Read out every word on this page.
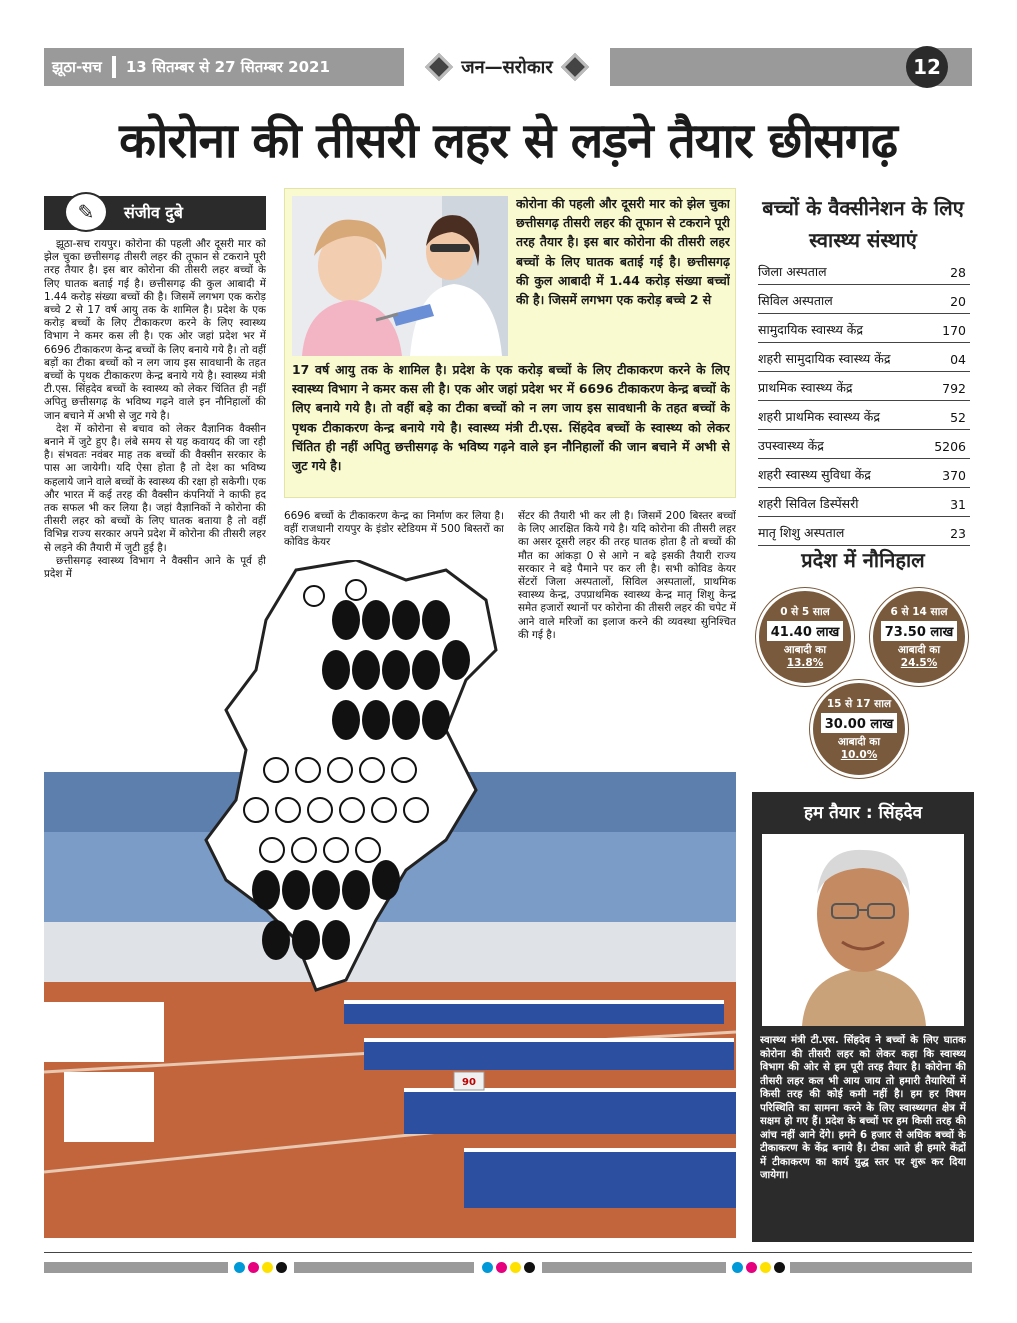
झूठा-सच 13 सितम्बर से 27 सितम्बर 2021	जन—सरोकार	12
कोरोना की तीसरी लहर से लड़ने तैयार छीसगढ़
✎	संजीव दुबे

झूठा-सच रायपुर। कोरोना की पहली और दूसरी मार को झेल चुका छत्तीसगढ़ तीसरी लहर की तूफान से टकराने पूरी तरह तैयार है। इस बार कोरोना की तीसरी लहर बच्चों के लिए घातक बताई गई है। छत्तीसगढ़ की कुल आबादी में 1.44 करोड़ संख्या बच्चों की है। जिसमें लगभग एक करोड़ बच्चे 2 से 17 वर्ष आयु तक के शामिल है। प्रदेश के एक करोड़ बच्चों के लिए टीकाकरण करने के लिए स्वास्थ्य विभाग ने कमर कस ली है। एक ओर जहां प्रदेश भर में 6696 टीकाकरण केन्द्र बच्चों के लिए बनाये गये है। तो वहीं बड़ों का टीका बच्चों को न लग जाय इस सावधानी के तहत बच्चों के पृथक टीकाकरण केन्द्र बनाये गये है। स्वास्थ्य मंत्री टी.एस. सिंहदेव बच्चों के स्वास्थ्य को लेकर चिंतित ही नहीं अपितु छत्तीसगढ़ के भविष्य गढ़ने वाले इन नौनिहालों की जान बचाने में अभी से जुट गये है।

देश में कोरोना से बचाव को लेकर वैज्ञानिक वैक्सीन बनाने में जुटे हुए है। लंबे समय से यह कवायद की जा रही है। संभवतः नवंबर माह तक बच्चों की वैक्सीन सरकार के पास आ जायेगी। यदि ऐसा होता है तो देश का भविष्य कहलाये जाने वाले बच्चों के स्वास्थ्य की रक्षा हो सकेगी। एक और भारत में कई तरह की वैक्सीन कंपनियों ने काफी हद तक सफल भी कर लिया है। जहां वैज्ञानिकों ने कोरोना की तीसरी लहर को बच्चों के लिए घातक बताया है तो वहीं विभिन्न राज्य सरकार अपने प्रदेश में कोरोना की तीसरी लहर से लड़ने की तैयारी में जुटी हुई है।

छत्तीसगढ़ स्वास्थ्य विभाग ने वैक्सीन आने के पूर्व ही प्रदेश में

कोरोना की पहली और दूसरी मार को झेल चुका छत्तीसगढ़ तीसरी लहर की तूफान से टकराने पूरी तरह तैयार है। इस बार कोरोना की तीसरी लहर बच्चों के लिए घातक बताई गई है। छत्तीसगढ़ की कुल आबादी में 1.44 करोड़ संख्या बच्चों की है। जिसमें लगभग एक करोड़ बच्चे 2 से
17 वर्ष आयु तक के शामिल है। प्रदेश के एक करोड़ बच्चों के लिए टीकाकरण करने के लिए स्वास्थ्य विभाग ने कमर कस ली है। एक ओर जहां प्रदेश भर में 6696 टीकाकरण केन्द्र बच्चों के लिए बनाये गये है। तो वहीं बड़े का टीका बच्चों को न लग जाय इस सावधानी के तहत बच्चों के पृथक टीकाकरण केन्द्र बनाये गये है। स्वास्थ्य मंत्री टी.एस. सिंहदेव बच्चों के स्वास्थ्य को लेकर चिंतित ही नहीं अपितु छत्तीसगढ़ के भविष्य गढ़ने वाले इन नौनिहालों की जान बचाने में अभी से जुट गये है।
6696 बच्चों के टीकाकरण केन्द्र का निर्माण कर लिया है। वहीं राजधानी रायपुर के इंडोर स्टेडियम में 500 बिस्तरों का कोविड केयर
सेंटर की तैयारी भी कर ली है। जिसमें 200 बिस्तर बच्चों के लिए आरक्षित किये गये है। यदि कोरोना की तीसरी लहर का असर दूसरी लहर की तरह घातक होता है तो बच्चों की मौत का आंकड़ा 0 से आगे न बढ़े इसकी तैयारी राज्य सरकार ने बड़े पैमाने पर कर ली है। सभी कोविड केयर सेंटरों जिला अस्पतालों, सिविल अस्पतालों, प्राथमिक स्वास्थ्य केन्द्र, उपप्राथमिक स्वास्थ्य केन्द्र मातृ शिशु केन्द्र समेत हजारों स्थानों पर कोरोना की तीसरी लहर की चपेट में आने वाले मरिजों का इलाज करने की व्यवस्था सुनिश्चित की गई है।
90
बच्चों के वैक्सीनेशन के लिए स्वास्थ्य संस्थाएं
जिला अस्पताल	28
सिविल अस्पताल	20
सामुदायिक स्वास्थ्य केंद्र	170
शहरी सामुदायिक स्वास्थ्य केंद्र	04
प्राथमिक स्वास्थ्य केंद्र	792
शहरी प्राथमिक स्वास्थ्य केंद्र	52
उपस्वास्थ्य केंद्र	5206
शहरी स्वास्थ्य सुविधा केंद्र	370
शहरी सिविल डिस्पेंसरी	31
मातृ शिशु अस्पताल	23
प्रदेश में नौनिहाल
0 से 5 साल
41.40 लाख
आबादी का
13.8%
6 से 14 साल
73.50 लाख
आबादी का
24.5%
15 से 17 साल
30.00 लाख
आबादी का
10.0%
हम तैयार : सिंहदेव
स्वास्थ्य मंत्री टी.एस. सिंहदेव ने बच्चों के लिए घातक कोरोना की तीसरी लहर को लेकर कहा कि स्वास्थ्य विभाग की ओर से हम पूरी तरह तैयार है। कोरोना की तीसरी लहर कल भी आय जाय तो हमारी तैयारियों में किसी तरह की कोई कमी नहीं है। हम हर विषम परिस्थिति का सामना करने के लिए स्वास्थ्यगत क्षेत्र में सक्षम हो गए हैं। प्रदेश के बच्चों पर हम किसी तरह की आंच नहीं आने देंगे। हमने 6 हजार से अधिक बच्चों के टीकाकरण के केंद्र बनाये है। टीका आते ही हमारे केंद्रों में टीकाकरण का कार्य युद्ध स्तर पर शुरू कर दिया जायेगा।
